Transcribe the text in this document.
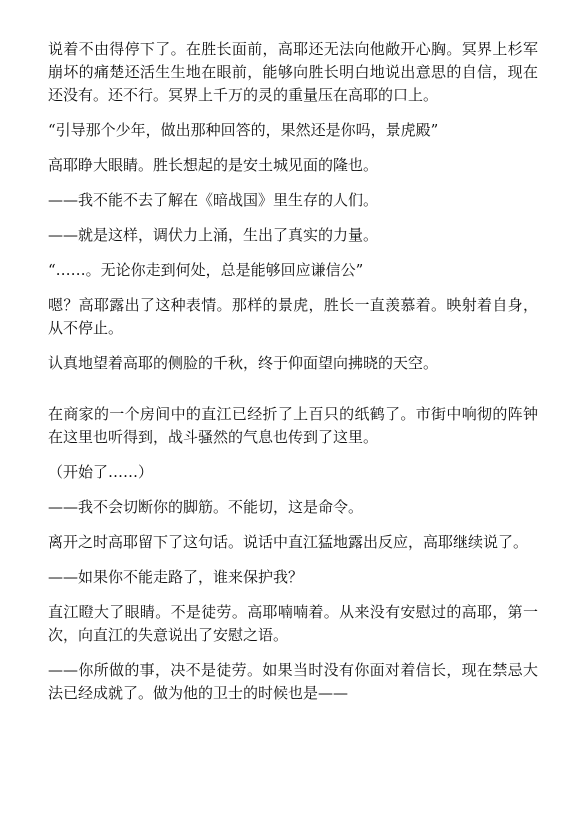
说着不由得停下了。在胜长面前，高耶还无法向他敞开心胸。冥界上杉军崩坏的痛楚还活生生地在眼前，能够向胜长明白地说出意思的自信，现在还没有。还不行。冥界上千万的灵的重量压在高耶的口上。

“引导那个少年，做出那种回答的，果然还是你吗，景虎殿”

高耶睁大眼睛。胜长想起的是安土城见面的隆也。

——我不能不去了解在《暗战国》里生存的人们。

——就是这样，调伏力上涌，生出了真实的力量。

“……。无论你走到何处，总是能够回应谦信公”

嗯？高耶露出了这种表情。那样的景虎，胜长一直羡慕着。映射着自身，从不停止。

认真地望着高耶的侧脸的千秋，终于仰面望向拂晓的天空。

在商家的一个房间中的直江已经折了上百只的纸鹤了。市街中响彻的阵钟在这里也听得到，战斗骚然的气息也传到了这里。

（开始了……）

——我不会切断你的脚筋。不能切，这是命令。

离开之时高耶留下了这句话。说话中直江猛地露出反应，高耶继续说了。

——如果你不能走路了，谁来保护我？

直江瞪大了眼睛。不是徒劳。高耶喃喃着。从来没有安慰过的高耶，第一次，向直江的失意说出了安慰之语。

——你所做的事，决不是徒劳。如果当时没有你面对着信长，现在禁忌大法已经成就了。做为他的卫士的时候也是——
